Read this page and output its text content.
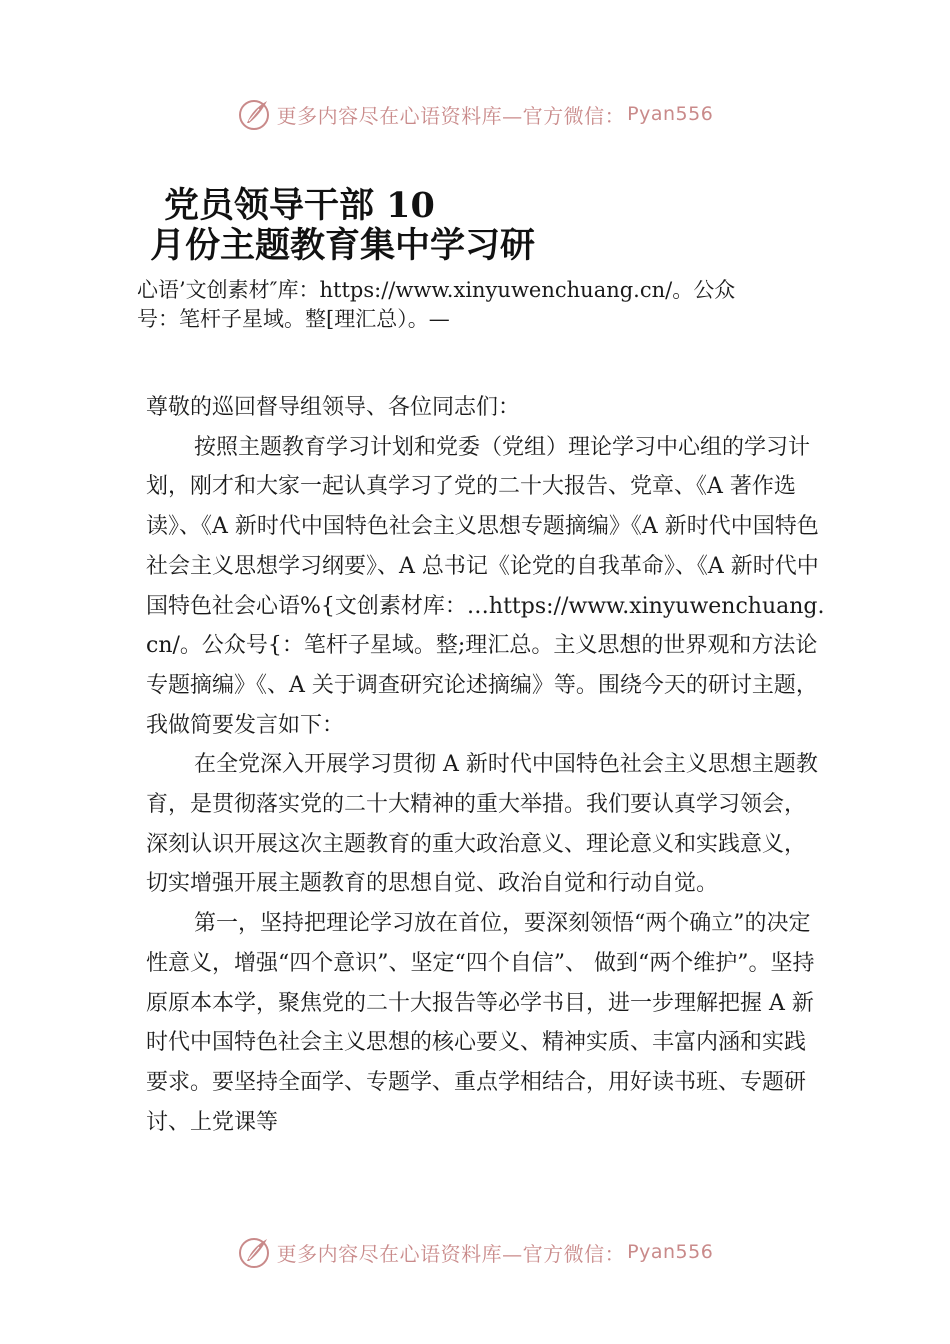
更多内容尽在心语资料库—官方微信： Pyan556
党员领导干部 10
月份主题教育集中学习研
心语’文创素材″库：https://www.xinyuwenchuang.cn/。公众
号：笔杆子星域。整[理汇总）。—

尊敬的巡回督导组领导、各位同志们：

按照主题教育学习计划和党委（党组）理论学习中心组的学习计划，刚才和大家一起认真学习了党的二十大报告、党章、《A 著作选读》、《A 新时代中国特色社会主义思想专题摘编》《A 新时代中国特色社会主义思想学习纲要》、A 总书记《论党的自我革命》、《A 新时代中国特色社会心语%{文创素材库：…https://www.xinyuwenchuang.cn/。公众号{：笔杆子星域。整;理汇总。主义思想的世界观和方法论专题摘编》《、A 关于调查研究论述摘编》等。围绕今天的研讨主题，我做简要发言如下：

在全党深入开展学习贯彻 A 新时代中国特色社会主义思想主题教育，是贯彻落实党的二十大精神的重大举措。我们要认真学习领会，深刻认识开展这次主题教育的重大政治意义、理论意义和实践意义，切实增强开展主题教育的思想自觉、政治自觉和行动自觉。

第一，坚持把理论学习放在首位，要深刻领悟“两个确立”的决定性意义，增强“四个意识”、坚定“四个自信”、 做到“两个维护”。坚持原原本本学，聚焦党的二十大报告等必学书目，进一步理解把握 A 新时代中国特色社会主义思想的核心要义、精神实质、丰富内涵和实践要求。要坚持全面学、专题学、重点学相结合，用好读书班、专题研讨、上党课等

更多内容尽在心语资料库—官方微信： Pyan556
